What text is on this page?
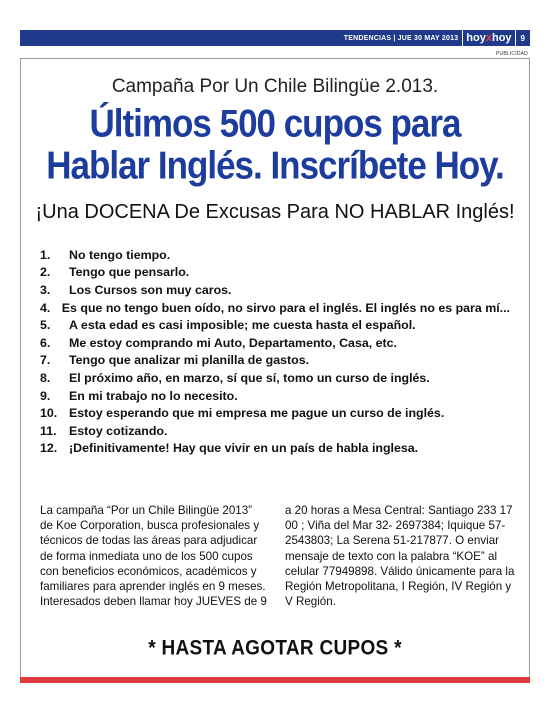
TENDENCIAS | JUE 30 MAY 2013 hoy x hoy 9
PUBLICIDAD
Campaña Por Un Chile Bilingüe 2.013.
Últimos 500 cupos para
Hablar Inglés. Inscríbete Hoy.
¡Una DOCENA De Excusas Para NO HABLAR Inglés!
1.	No tengo tiempo.
2.	Tengo que pensarlo.
3.	Los Cursos son muy caros.
4. Es que no tengo buen oído, no sirvo para el inglés. El inglés no es para mí...
5.	A esta edad es casi imposible; me cuesta hasta el español.
6.	Me estoy comprando mi Auto, Departamento, Casa, etc.
7.	Tengo que analizar mi planilla de gastos.
8.	El próximo año, en marzo, sí que sí, tomo un curso de inglés.
9.	En mi trabajo no lo necesito.
10. Estoy esperando que mi empresa me pague un curso de inglés.
11.	Estoy cotizando.
12. ¡Definitivamente! Hay que vivir en un país de habla inglesa.
La campaña “Por un Chile Bilingüe 2013” de Koe Corporation, busca profesionales y técnicos de todas las áreas para adjudicar de forma inmediata uno de los 500 cupos con beneficios económicos, académicos y familiares para aprender inglés en 9 meses. Interesados deben llamar hoy JUEVES de 9
a 20 horas a Mesa Central: Santiago 233 17 00 ; Viña del Mar 32- 2697384; Iquique 57-2543803; La Serena 51-217877. O enviar mensaje de texto con la palabra “KOE” al celular 77949898. Válido únicamente para la Región Metropolitana, I Región, IV Región y V Región.
* HASTA AGOTAR CUPOS *
